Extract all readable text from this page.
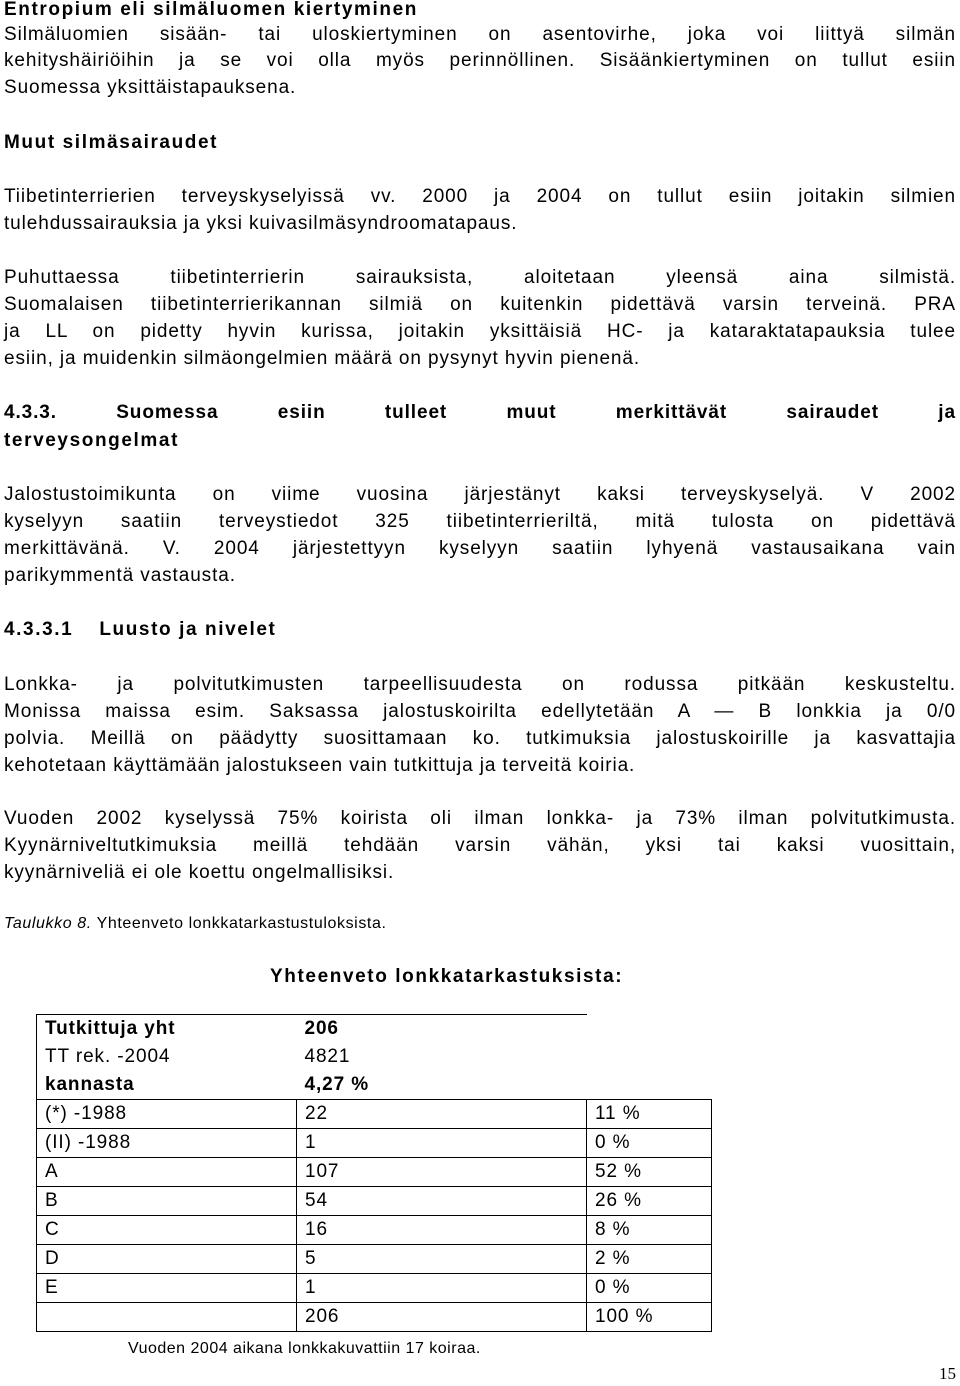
Entropium eli silmäluomen kiertyminen
Silmäluomien sisään- tai uloskiertyminen on asentovirhe, joka voi liittyä silmän
kehityshäiriöihin ja se voi olla myös perinnöllinen. Sisäänkiertyminen on tullut esiin
Suomessa yksittäistapauksena.
Muut silmäsairaudet
Tiibetinterrierien terveyskyselyissä vv. 2000 ja 2004 on tullut esiin joitakin silmien
tulehdussairauksia ja yksi kuivasilmäsyndroomatapaus.
Puhuttaessa tiibetinterrierin sairauksista, aloitetaan yleensä aina silmistä.
Suomalaisen tiibetinterrierikannan silmiä on kuitenkin pidettävä varsin terveinä. PRA
ja LL on pidetty hyvin kurissa, joitakin yksittäisiä HC- ja kataraktatapauksia tulee
esiin, ja muidenkin silmäongelmien määrä on pysynyt hyvin pienenä.
4.3.3.	Suomessa	esiin	tulleet	muut	merkittävät	sairaudet	ja
terveysongelmat
Jalostustoimikunta on viime vuosina järjestänyt kaksi terveyskyselyä. V 2002
kyselyyn saatiin terveystiedot 325 tiibetinterrieriltä, mitä tulosta on pidettävä
merkittävänä. V. 2004 järjestettyyn kyselyyn saatiin lyhyenä vastausaikana vain
parikymmentä vastausta.
4.3.3.1 Luusto ja nivelet
Lonkka- ja polvitutkimusten tarpeellisuudesta on rodussa pitkään keskusteltu.
Monissa maissa esim. Saksassa jalostuskoirilta edellytetään A — B lonkkia ja 0/0
polvia. Meillä on päädytty suosittamaan ko. tutkimuksia jalostuskoirille ja kasvattajia
kehotetaan käyttämään jalostukseen vain tutkittuja ja terveitä koiria.
Vuoden 2002 kyselyssä 75% koirista oli ilman lonkka- ja 73% ilman polvitutkimusta.
Kyynärniveltutkimuksia meillä tehdään varsin vähän, yksi tai kaksi vuosittain,
kyynärniveliä ei ole koettu ongelmallisiksi.
Taulukko 8. Yhteenveto lonkkatarkastustuloksista.
Yhteenveto lonkkatarkastuksista:
Tutkittuja yht	206	
TT rek. -2004	4821	
kannasta	4,27 %	
(*) -1988	22	11 %
(II) -1988	1	0 %
A	107	52 %
B	54	26 %
C	16	8 %
D	5	2 %
E	1	0 %
	206	100 %
Vuoden 2004 aikana lonkkakuvattiin 17 koiraa.
15
